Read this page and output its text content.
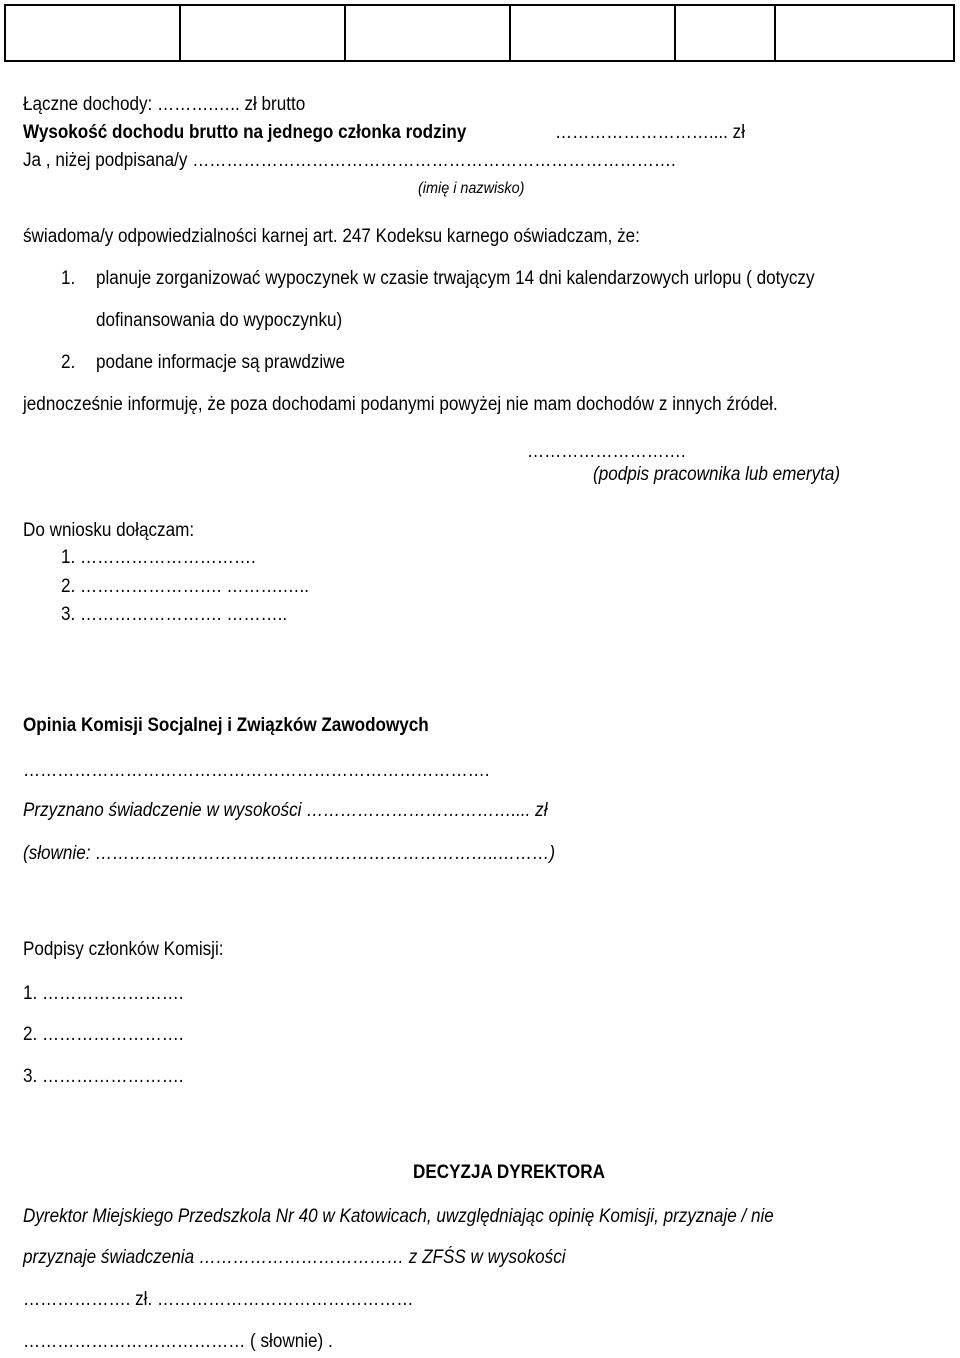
Łączne dochody: ……….….. zł brutto
Wysokość dochodu brutto na jednego członka rodziny	……………………….... zł
Ja , niżej podpisana/y ………………………………………………………………………….
(imię i nazwisko)
świadoma/y odpowiedzialności karnej art. 247 Kodeksu karnego oświadczam, że:
1. planuje zorganizować wypoczynek w czasie trwającym 14 dni kalendarzowych urlopu ( dotyczy
dofinansowania do wypoczynku)
2. podane informacje są prawdziwe
jednocześnie informuję, że poza dochodami podanymi powyżej nie mam dochodów z innych źródeł.
……………………….
(podpis pracownika lub emeryta)
Do wniosku dołączam:
1. ………………………….
2. ……………………. ……….…..
3. ……………………. ………..
Opinia Komisji Socjalnej i Związków Zawodowych
……………………………………………………………………….
Przyznano świadczenie w wysokości ……………………………….... zł
(słownie: ……………………………………………………………..………)
Podpisy członków Komisji:
1. …………………….
2. …………………….
3. …………………….
DECYZJA DYREKTORA
Dyrektor Miejskiego Przedszkola Nr 40 w Katowicach, uwzględniając opinię Komisji, przyznaje / nie
przyznaje świadczenia ……………………………… z ZFŚS w wysokości
………………. zł. ………………………………………
………………………………… ( słownie) .
